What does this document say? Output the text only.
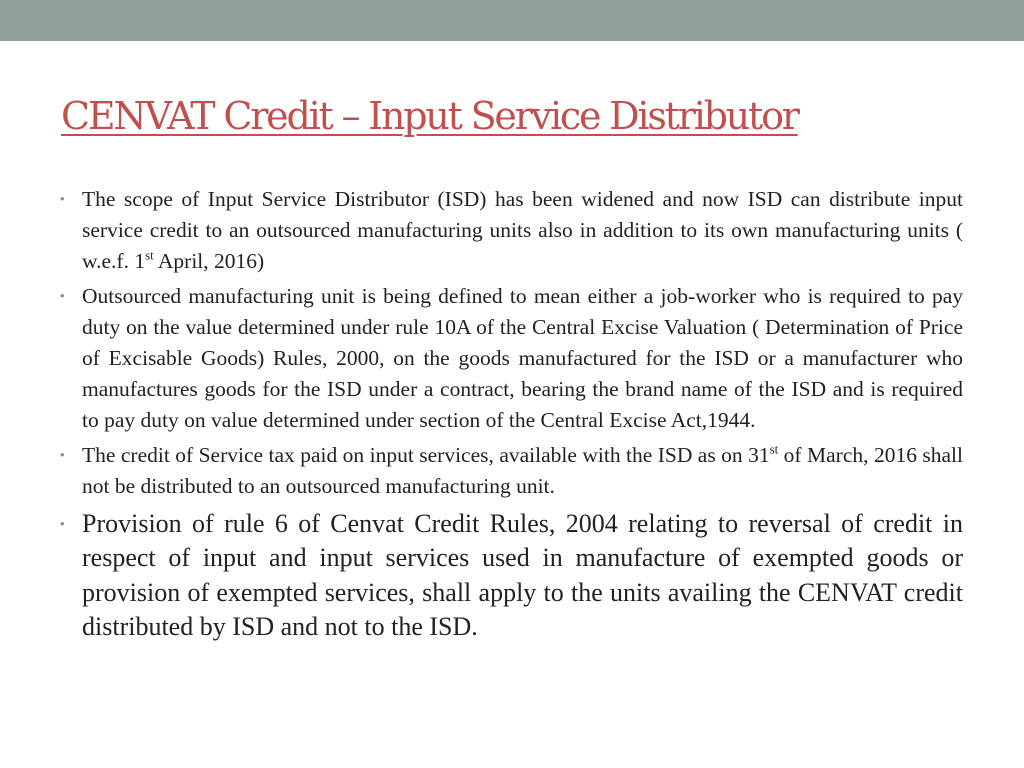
CENVAT Credit – Input Service Distributor
• The scope of Input Service Distributor (ISD) has been widened and now ISD can distribute input service credit to an outsourced manufacturing units also in addition to its own manufacturing units ( w.e.f. 1st April, 2016)
• Outsourced manufacturing unit is being defined to mean either a job-worker who is required to pay duty on the value determined under rule 10A of the Central Excise Valuation ( Determination of Price of Excisable Goods) Rules, 2000, on the goods manufactured for the ISD or a manufacturer who manufactures goods for the ISD under a contract, bearing the brand name of the ISD and is required to pay duty on value determined under section of the Central Excise Act,1944.
• The credit of Service tax paid on input services, available with the ISD as on 31st of March, 2016 shall not be distributed to an outsourced manufacturing unit.
• Provision of rule 6 of Cenvat Credit Rules, 2004 relating to reversal of credit in respect of input and input services used in manufacture of exempted goods or provision of exempted services, shall apply to the units availing the CENVAT credit distributed by ISD and not to the ISD.
